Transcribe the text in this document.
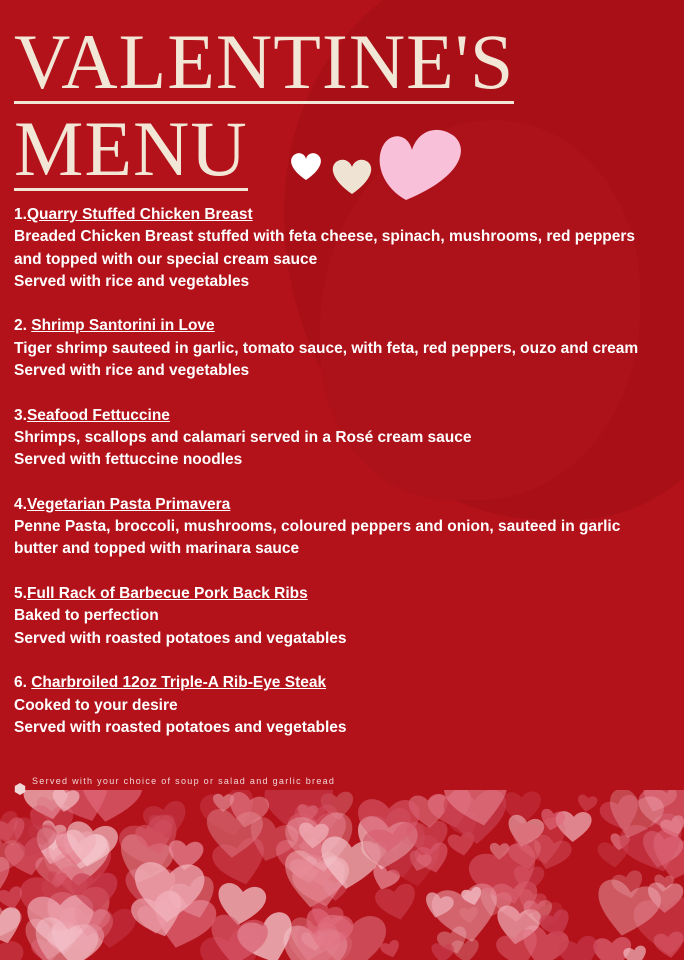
VALENTINE'S
MENU
1.Quarry Stuffed Chicken Breast
Breaded Chicken Breast stuffed with feta cheese, spinach, mushrooms, red peppers and topped with our special cream sauce
Served with rice and vegetables
2. Shrimp Santorini in Love
Tiger shrimp sauteed in garlic, tomato sauce, with feta, red peppers, ouzo and cream
Served with rice and vegetables
3.Seafood Fettuccine
Shrimps, scallops and calamari served in a Rosé cream sauce
Served with fettuccine noodles
4.Vegetarian Pasta Primavera
Penne Pasta, broccoli, mushrooms, coloured peppers and onion, sauteed in garlic butter and topped with marinara sauce
5.Full Rack of Barbecue Pork Back Ribs
Baked to perfection
Served with roasted potatoes and vegatables
6. Charbroiled 12oz Triple-A Rib-Eye Steak
Cooked to your desire
Served with roasted potatoes and vegetables
Served with your choice of soup or salad and garlic bread
